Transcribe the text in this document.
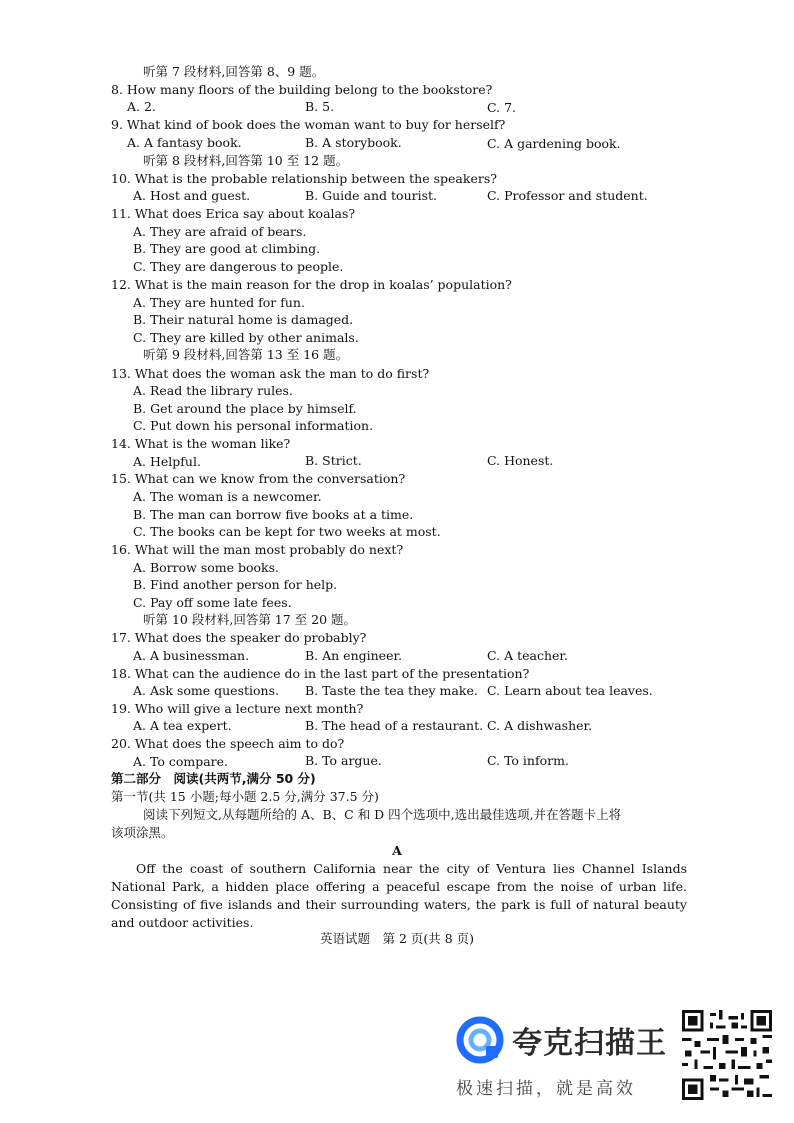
听第 7 段材料,回答第 8、9 题。
8. How many floors of the building belong to the bookstore?
A. 2.	B. 5.	C. 7.
9. What kind of book does the woman want to buy for herself?
A. A fantasy book.	B. A storybook.	C. A gardening book.
听第 8 段材料,回答第 10 至 12 题。
10. What is the probable relationship between the speakers?
A. Host and guest.	B. Guide and tourist.	C. Professor and student.
11. What does Erica say about koalas?
A. They are afraid of bears.
B. They are good at climbing.
C. They are dangerous to people.
12. What is the main reason for the drop in koalas’ population?
A. They are hunted for fun.
B. Their natural home is damaged.
C. They are killed by other animals.
听第 9 段材料,回答第 13 至 16 题。
13. What does the woman ask the man to do first?
A. Read the library rules.
B. Get around the place by himself.
C. Put down his personal information.
14. What is the woman like?
A. Helpful.	B. Strict.	C. Honest.
15. What can we know from the conversation?
A. The woman is a newcomer.
B. The man can borrow five books at a time.
C. The books can be kept for two weeks at most.
16. What will the man most probably do next?
A. Borrow some books.
B. Find another person for help.
C. Pay off some late fees.
听第 10 段材料,回答第 17 至 20 题。
17. What does the speaker do probably?
A. A businessman.	B. An engineer.	C. A teacher.
18. What can the audience do in the last part of the presentation?
A. Ask some questions. B. Taste the tea they make. C. Learn about tea leaves.
19. Who will give a lecture next month?
A. A tea expert.	B. The head of a restaurant. C. A dishwasher.
20. What does the speech aim to do?
A. To compare.	B. To argue.	C. To inform.
第二部分　阅读(共两节,满分 50 分)
第一节(共 15 小题;每小题 2.5 分,满分 37.5 分)
阅读下列短文,从每题所给的 A、B、C 和 D 四个选项中,选出最佳选项,并在答题卡上将
该项涂黑。
A
Off the coast of southern California near the city of Ventura lies Channel Islands National Park, a hidden place offering a peaceful escape from the noise of urban life. Consisting of five islands and their surrounding waters, the park is full of natural beauty and outdoor activities.
英语试题　第 2 页(共 8 页)
夸克扫描王
极速扫描，就是高效
